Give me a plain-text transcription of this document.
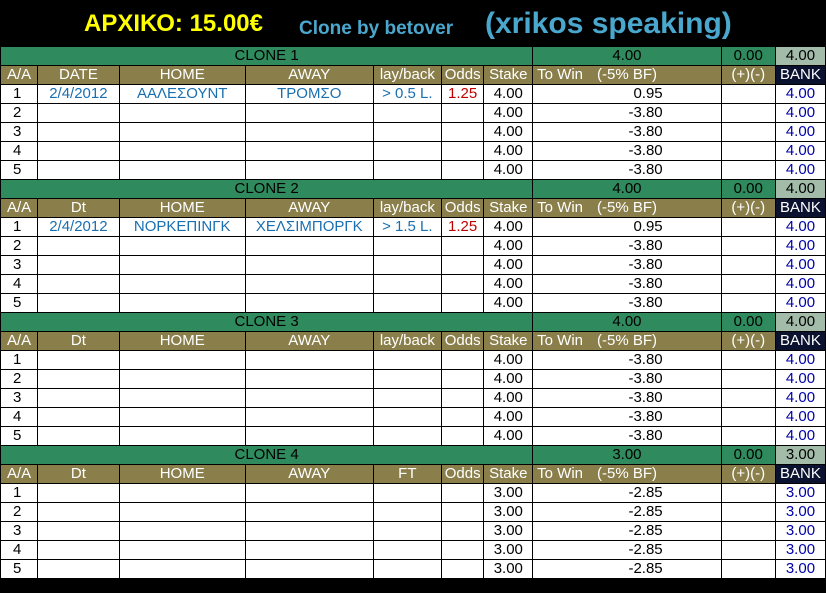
ΑΡΧΙΚΟ: 15.00€ Clone by betover (xrikos speaking)
CLONE 1							4.00	0.00	4.00
A/A	DATE	HOME	AWAY	lay/back	Odds	Stake	To Win (-5% BF)	(+)(-)	BANK
1	2/4/2012	ΑΑΛΕΣΟΥΝΤ	ΤΡΟΜΣΟ	> 0.5 L.	1.25	4.00	0.95		4.00
2						4.00	-3.80		4.00
3						4.00	-3.80		4.00
4						4.00	-3.80		4.00
5						4.00	-3.80		4.00
CLONE 2							4.00	0.00	4.00
A/A	Dt	HOME	AWAY	lay/back	Odds	Stake	To Win (-5% BF)	(+)(-)	BANK
1	2/4/2012	ΝΟΡΚΕΠΙΝΓΚ	ΧΕΛΣΙΜΠΟΡΓΚ	> 1.5 L.	1.25	4.00	0.95		4.00
2						4.00	-3.80		4.00
3						4.00	-3.80		4.00
4						4.00	-3.80		4.00
5						4.00	-3.80		4.00
CLONE 3							4.00	0.00	4.00
A/A	Dt	HOME	AWAY	lay/back	Odds	Stake	To Win (-5% BF)	(+)(-)	BANK
1						4.00	-3.80		4.00
2						4.00	-3.80		4.00
3						4.00	-3.80		4.00
4						4.00	-3.80		4.00
5						4.00	-3.80		4.00
CLONE 4							3.00	0.00	3.00
A/A	Dt	HOME	AWAY	FT	Odds	Stake	To Win (-5% BF)	(+)(-)	BANK
1						3.00	-2.85		3.00
2						3.00	-2.85		3.00
3						3.00	-2.85		3.00
4						3.00	-2.85		3.00
5						3.00	-2.85		3.00
